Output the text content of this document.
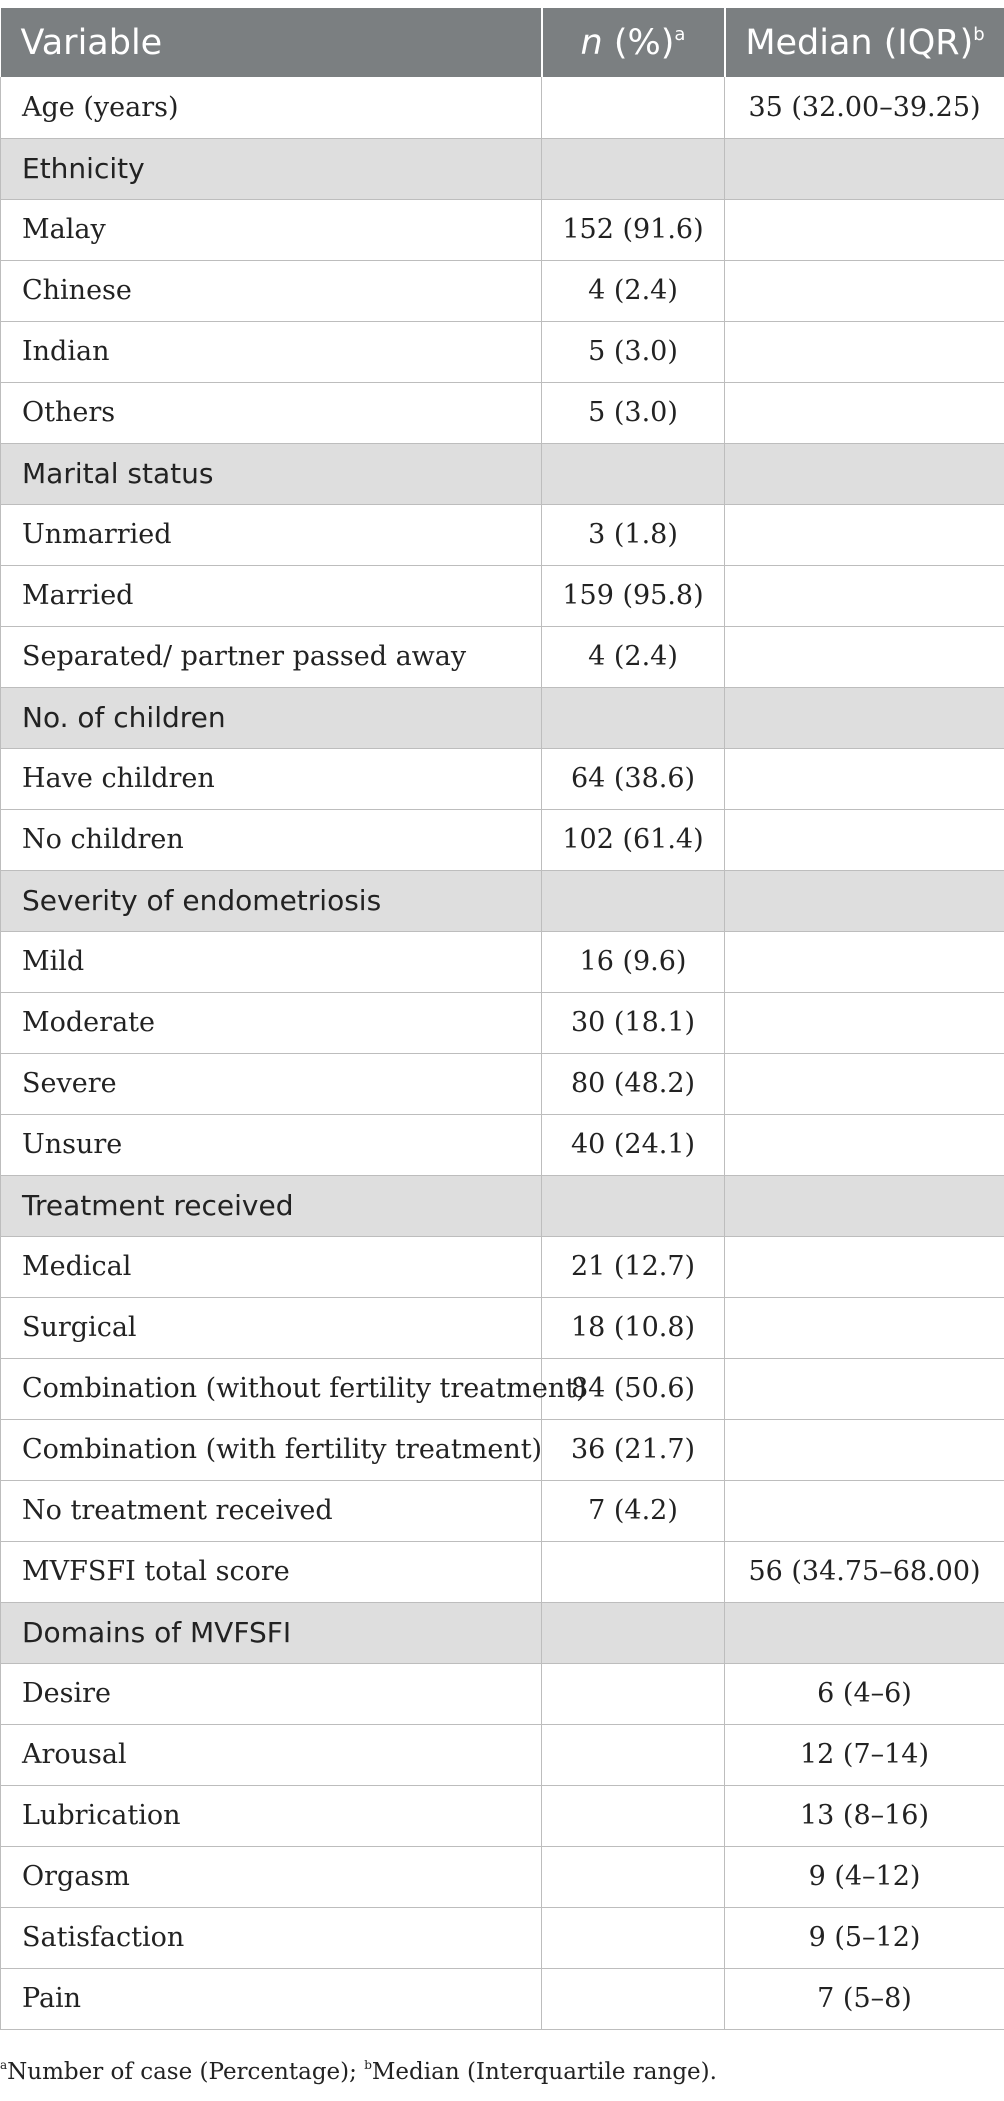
Variable	n (%)$^a$	Median (IQR)$^b$
Age (years)		35 (32.00–39.25)
Ethnicity		
Malay	152 (91.6)	
Chinese	4 (2.4)	
Indian	5 (3.0)	
Others	5 (3.0)	
Marital status		
Unmarried	3 (1.8)	
Married	159 (95.8)	
Separated/ partner passed away	4 (2.4)	
No. of children		
Have children	64 (38.6)	
No children	102 (61.4)	
Severity of endometriosis		
Mild	16 (9.6)	
Moderate	30 (18.1)	
Severe	80 (48.2)	
Unsure	40 (24.1)	
Treatment received		
Medical	21 (12.7)	
Surgical	18 (10.8)	
Combination (without fertility treatment)	84 (50.6)	
Combination (with fertility treatment)	36 (21.7)	
No treatment received	7 (4.2)	
MVFSFI total score		56 (34.75–68.00)
Domains of MVFSFI		
Desire		6 (4–6)
Arousal		12 (7–14)
Lubrication		13 (8–16)
Orgasm		9 (4–12)
Satisfaction		9 (5–12)
Pain		7 (5–8)
$^a$Number of case (Percentage); $^b$Median (Interquartile range).
